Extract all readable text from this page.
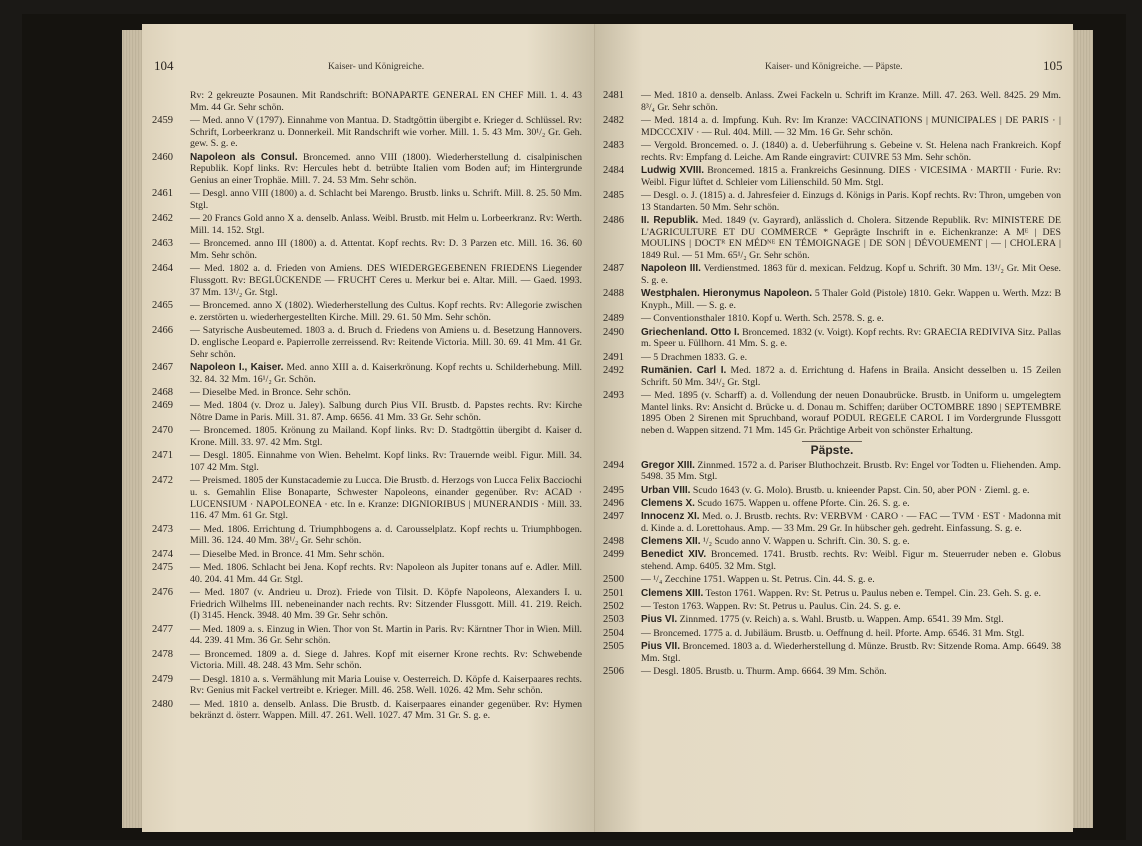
104	Kaiser- und Königreiche.
Rv: 2 gekreuzte Posaunen. Mit Randschrift: BONAPARTE GENERAL EN CHEF Mill. 1. 4. 43 Mm. 44 Gr. Sehr schön.
2459	— Med. anno V (1797). Einnahme von Mantua. D. Stadtgöttin übergibt e. Krieger d. Schlüssel. Rv: Schrift, Lorbeerkranz u. Donnerkeil. Mit Randschrift wie vorher. Mill. 1. 5. 43 Mm. 30¹/₂ Gr. Geh. gew. S. g. e.
2460	Napoleon als Consul. Broncemed. anno VIII (1800). Wiederherstellung d. cisalpinischen Republik. Kopf links. Rv: Hercules hebt d. betrübte Italien vom Boden auf; im Hintergrunde Genius an einer Trophäe. Mill. 7. 24. 53 Mm. Sehr schön.
2461	— Desgl. anno VIII (1800) a. d. Schlacht bei Marengo. Brustb. links u. Schrift. Mill. 8. 25. 50 Mm. Stgl.
2462	— 20 Francs Gold anno X a. denselb. Anlass. Weibl. Brustb. mit Helm u. Lorbeerkranz. Rv: Werth. Mill. 14. 152. Stgl.
2463	— Broncemed. anno III (1800) a. d. Attentat. Kopf rechts. Rv: D. 3 Parzen etc. Mill. 16. 36. 60 Mm. Sehr schön.
2464	— Med. 1802 a. d. Frieden von Amiens. DES WIEDERGEGEBENEN FRIEDENS Liegender Flussgott. Rv: BEGLÜCKENDE — FRUCHT Ceres u. Merkur bei e. Altar. Mill. — Gaed. 1993. 37 Mm. 13¹/₂ Gr. Stgl.
2465	— Broncemed. anno X (1802). Wiederherstellung des Cultus. Kopf rechts. Rv: Allegorie zwischen e. zerstörten u. wiederhergestellten Kirche. Mill. 29. 61. 50 Mm. Sehr schön.
2466	— Satyrische Ausbeutemed. 1803 a. d. Bruch d. Friedens von Amiens u. d. Besetzung Hannovers. D. englische Leopard e. Papierrolle zerreissend. Rv: Reitende Victoria. Mill. 30. 69. 41 Mm. 41 Gr. Sehr schön.
2467	Napoleon I., Kaiser. Med. anno XIII a. d. Kaiserkrönung. Kopf rechts u. Schilderhebung. Mill. 32. 84. 32 Mm. 16¹/₂ Gr. Schön.
2468	— Dieselbe Med. in Bronce. Sehr schön.
2469	— Med. 1804 (v. Droz u. Jaley). Salbung durch Pius VII. Brustb. d. Papstes rechts. Rv: Kirche Nôtre Dame in Paris. Mill. 31. 87. Amp. 6656. 41 Mm. 33 Gr. Sehr schön.
2470	— Broncemed. 1805. Krönung zu Mailand. Kopf links. Rv: D. Stadtgöttin übergibt d. Kaiser d. Krone. Mill. 33. 97. 42 Mm. Stgl.
2471	— Desgl. 1805. Einnahme von Wien. Behelmt. Kopf links. Rv: Trauernde weibl. Figur. Mill. 34. 107 42 Mm. Stgl.
2472	— Preismed. 1805 der Kunstacademie zu Lucca. Die Brustb. d. Herzogs von Lucca Felix Bacciochi u. s. Gemahlin Elise Bonaparte, Schwester Napoleons, einander gegenüber. Rv: ACAD · LUCENSIUM · NAPOLEONEA · etc. In e. Kranze: DIGNIORIBUS | MUNERANDIS · Mill. 33. 116. 47 Mm. 61 Gr. Stgl.
2473	— Med. 1806. Errichtung d. Triumphbogens a. d. Carousselplatz. Kopf rechts u. Triumphbogen. Mill. 36. 124. 40 Mm. 38¹/₂ Gr. Sehr schön.
2474	— Dieselbe Med. in Bronce. 41 Mm. Sehr schön.
2475	— Med. 1806. Schlacht bei Jena. Kopf rechts. Rv: Napoleon als Jupiter tonans auf e. Adler. Mill. 40. 204. 41 Mm. 44 Gr. Stgl.
2476	— Med. 1807 (v. Andrieu u. Droz). Friede von Tilsit. D. Köpfe Napoleons, Alexanders I. u. Friedrich Wilhelms III. nebeneinander nach rechts. Rv: Sitzender Flussgott. Mill. 41. 219. Reich. (I) 3145. Henck. 3948. 40 Mm. 39 Gr. Sehr schön.
2477	— Med. 1809 a. s. Einzug in Wien. Thor von St. Martin in Paris. Rv: Kärntner Thor in Wien. Mill. 44. 239. 41 Mm. 36 Gr. Sehr schön.
2478	— Broncemed. 1809 a. d. Siege d. Jahres. Kopf mit eiserner Krone rechts. Rv: Schwebende Victoria. Mill. 48. 248. 43 Mm. Sehr schön.
2479	— Desgl. 1810 a. s. Vermählung mit Maria Louise v. Oesterreich. D. Köpfe d. Kaiserpaares rechts. Rv: Genius mit Fackel vertreibt e. Krieger. Mill. 46. 258. Well. 1026. 42 Mm. Sehr schön.
2480	— Med. 1810 a. denselb. Anlass. Die Brustb. d. Kaiserpaares einander gegenüber. Rv: Hymen bekränzt d. österr. Wappen. Mill. 47. 261. Well. 1027. 47 Mm. 31 Gr. S. g. e.
Kaiser- und Königreiche. — Päpste.	105
2481	— Med. 1810 a. denselb. Anlass. Zwei Fackeln u. Schrift im Kranze. Mill. 47. 263. Well. 8425. 29 Mm. 8³/₄ Gr. Sehr schön.
2482	— Med. 1814 a. d. Impfung. Kuh. Rv: Im Kranze: VACCINATIONS | MUNICIPALES | DE PARIS · | MDCCCXIV · — Rul. 404. Mill. — 32 Mm. 16 Gr. Sehr schön.
2483	— Vergold. Broncemed. o. J. (1840) a. d. Ueberführung s. Gebeine v. St. Helena nach Frankreich. Kopf rechts. Rv: Empfang d. Leiche. Am Rande eingravirt: CUIVRE 53 Mm. Sehr schön.
2484	Ludwig XVIII. Broncemed. 1815 a. Frankreichs Gesinnung. DIES · VICESIMA · MARTII · Furie. Rv: Weibl. Figur lüftet d. Schleier vom Lilienschild. 50 Mm. Stgl.
2485	— Desgl. o. J. (1815) a. d. Jahresfeier d. Einzugs d. Königs in Paris. Kopf rechts. Rv: Thron, umgeben von 13 Standarten. 50 Mm. Sehr schön.
2486	II. Republik. Med. 1849 (v. Gayrard), anlässlich d. Cholera. Sitzende Republik. Rv: MINISTERE DE L'AGRICULTURE ET DU COMMERCE * Geprägte Inschrift in e. Eichenkranze: A Mᴱ | DES MOULINS | DOCTᴿ EN MÉDᴺᴱ EN TÉMOIGNAGE | DE SON | DÉVOUEMENT | — | CHOLERA | 1849 Rul. — 51 Mm. 65¹/₂ Gr. Sehr schön.
2487	Napoleon III. Verdienstmed. 1863 für d. mexican. Feldzug. Kopf u. Schrift. 30 Mm. 13¹/₂ Gr. Mit Oese. S. g. e.
2488	Westphalen. Hieronymus Napoleon. 5 Thaler Gold (Pistole) 1810. Gekr. Wappen u. Werth. Mzz: B Knyph., Mill. — S. g. e.
2489	— Conventionsthaler 1810. Kopf u. Werth. Sch. 2578. S. g. e.
2490	Griechenland. Otto I. Broncemed. 1832 (v. Voigt). Kopf rechts. Rv: GRAECIA REDIVIVA Sitz. Pallas m. Speer u. Füllhorn. 41 Mm. S. g. e.
2491	— 5 Drachmen 1833. G. e.
2492	Rumänien. Carl I. Med. 1872 a. d. Errichtung d. Hafens in Braila. Ansicht desselben u. 15 Zeilen Schrift. 50 Mm. 34¹/₂ Gr. Stgl.
2493	— Med. 1895 (v. Scharff) a. d. Vollendung der neuen Donaubrücke. Brustb. in Uniform u. umgelegtem Mantel links. Rv: Ansicht d. Brücke u. d. Donau m. Schiffen; darüber OCTOMBRE 1890 | SEPTEMBRE 1895 Oben 2 Sirenen mit Spruchband, worauf PODUL REGELE CAROL I im Vordergrunde Flussgott neben d. Wappen sitzend. 71 Mm. 145 Gr. Prächtige Arbeit von schönster Erhaltung.
Päpste.
2494	Gregor XIII. Zinnmed. 1572 a. d. Pariser Bluthochzeit. Brustb. Rv: Engel vor Todten u. Fliehenden. Amp. 5498. 35 Mm. Stgl.
2495	Urban VIII. Scudo 1643 (v. G. Molo). Brustb. u. knieender Papst. Cin. 50, aber PON · Zieml. g. e.
2496	Clemens X. Scudo 1675. Wappen u. offene Pforte. Cin. 26. S. g. e.
2497	Innocenz XI. Med. o. J. Brustb. rechts. Rv: VERBVM · CARO · — FAC — TVM · EST · Madonna mit d. Kinde a. d. Lorettohaus. Amp. — 33 Mm. 29 Gr. In hübscher geh. gedreht. Einfassung. S. g. e.
2498	Clemens XII. ¹/₂ Scudo anno V. Wappen u. Schrift. Cin. 30. S. g. e.
2499	Benedict XIV. Broncemed. 1741. Brustb. rechts. Rv: Weibl. Figur m. Steuerruder neben e. Globus stehend. Amp. 6405. 32 Mm. Stgl.
2500	— ¹/₄ Zecchine 1751. Wappen u. St. Petrus. Cin. 44. S. g. e.
2501	Clemens XIII. Teston 1761. Wappen. Rv: St. Petrus u. Paulus neben e. Tempel. Cin. 23. Geh. S. g. e.
2502	— Teston 1763. Wappen. Rv: St. Petrus u. Paulus. Cin. 24. S. g. e.
2503	Pius VI. Zinnmed. 1775 (v. Reich) a. s. Wahl. Brustb. u. Wappen. Amp. 6541. 39 Mm. Stgl.
2504	— Broncemed. 1775 a. d. Jubiläum. Brustb. u. Oeffnung d. heil. Pforte. Amp. 6546. 31 Mm. Stgl.
2505	Pius VII. Broncemed. 1803 a. d. Wiederherstellung d. Münze. Brustb. Rv: Sitzende Roma. Amp. 6649. 38 Mm. Stgl.
2506	— Desgl. 1805. Brustb. u. Thurm. Amp. 6664. 39 Mm. Schön.
